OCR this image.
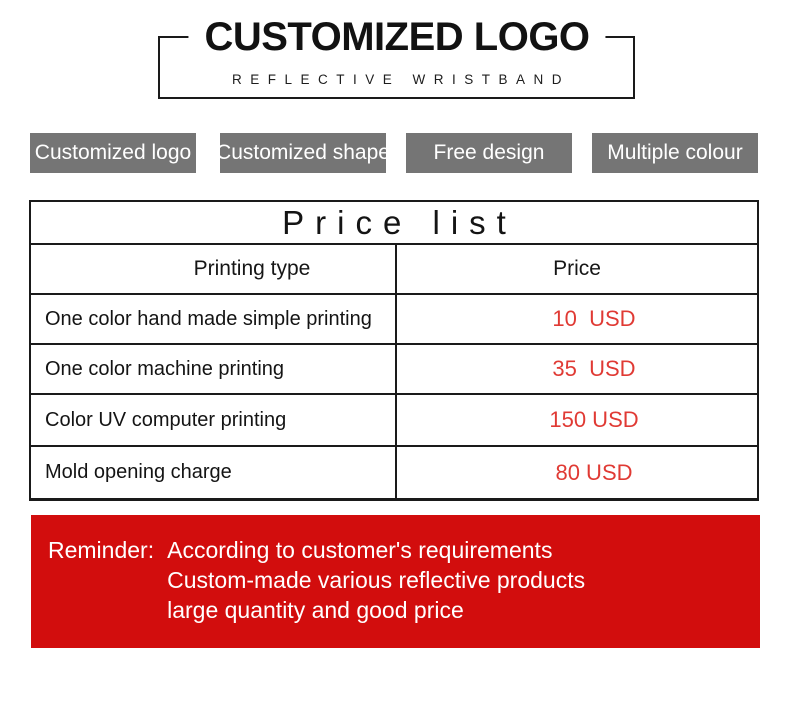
CUSTOMIZED LOGO
REFLECTIVE WRISTBAND
Customized logo Customized shape Free design	Multiple colour
Price list
Printing type	Price
One color hand made simple printing	10  USD
One color machine printing	35  USD
Color UV computer printing	150 USD
Mold opening charge	80 USD
Reminder: According to customer's requirements
Custom-made various reflective products
large quantity and good price
